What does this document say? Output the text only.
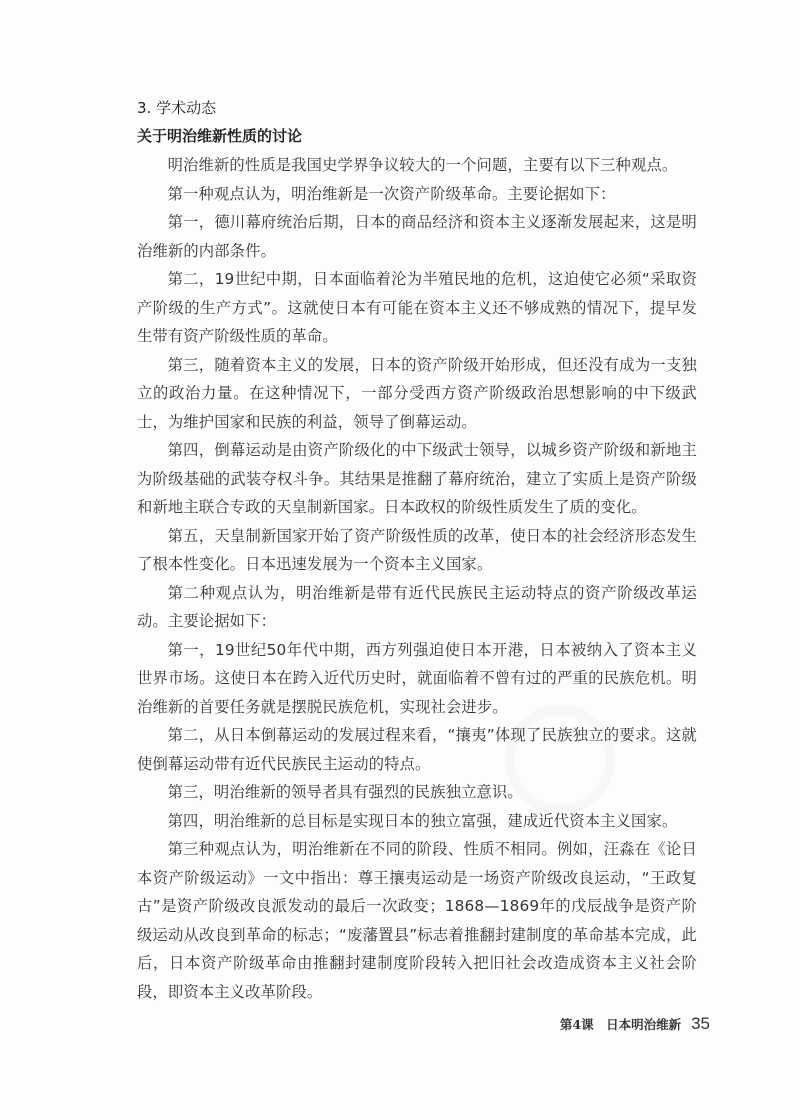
3. 学术动态
关于明治维新性质的讨论

明治维新的性质是我国史学界争议较大的一个问题，主要有以下三种观点。

第一种观点认为，明治维新是一次资产阶级革命。主要论据如下：

第一，德川幕府统治后期，日本的商品经济和资本主义逐渐发展起来，这是明治维新的内部条件。

第二，19世纪中期，日本面临着沦为半殖民地的危机，这迫使它必须“采取资产阶级的生产方式”。这就使日本有可能在资本主义还不够成熟的情况下，提早发生带有资产阶级性质的革命。

第三，随着资本主义的发展，日本的资产阶级开始形成，但还没有成为一支独立的政治力量。在这种情况下，一部分受西方资产阶级政治思想影响的中下级武士，为维护国家和民族的利益，领导了倒幕运动。

第四，倒幕运动是由资产阶级化的中下级武士领导，以城乡资产阶级和新地主为阶级基础的武装夺权斗争。其结果是推翻了幕府统治，建立了实质上是资产阶级和新地主联合专政的天皇制新国家。日本政权的阶级性质发生了质的变化。

第五，天皇制新国家开始了资产阶级性质的改革，使日本的社会经济形态发生了根本性变化。日本迅速发展为一个资本主义国家。

第二种观点认为，明治维新是带有近代民族民主运动特点的资产阶级改革运动。主要论据如下：

第一，19世纪50年代中期，西方列强迫使日本开港，日本被纳入了资本主义世界市场。这使日本在跨入近代历史时，就面临着不曾有过的严重的民族危机。明治维新的首要任务就是摆脱民族危机，实现社会进步。

第二，从日本倒幕运动的发展过程来看，“攘夷”体现了民族独立的要求。这就使倒幕运动带有近代民族民主运动的特点。

第三，明治维新的领导者具有强烈的民族独立意识。

第四，明治维新的总目标是实现日本的独立富强，建成近代资本主义国家。

第三种观点认为，明治维新在不同的阶段、性质不相同。例如，汪淼在《论日本资产阶级运动》一文中指出：尊王攘夷运动是一场资产阶级改良运动，“王政复古”是资产阶级改良派发动的最后一次政变；1868—1869年的戊辰战争是资产阶级运动从改良到革命的标志；“废藩置县”标志着推翻封建制度的革命基本完成，此后，日本资产阶级革命由推翻封建制度阶段转入把旧社会改造成资本主义社会阶段，即资本主义改革阶段。

第4课　日本明治维新 35
